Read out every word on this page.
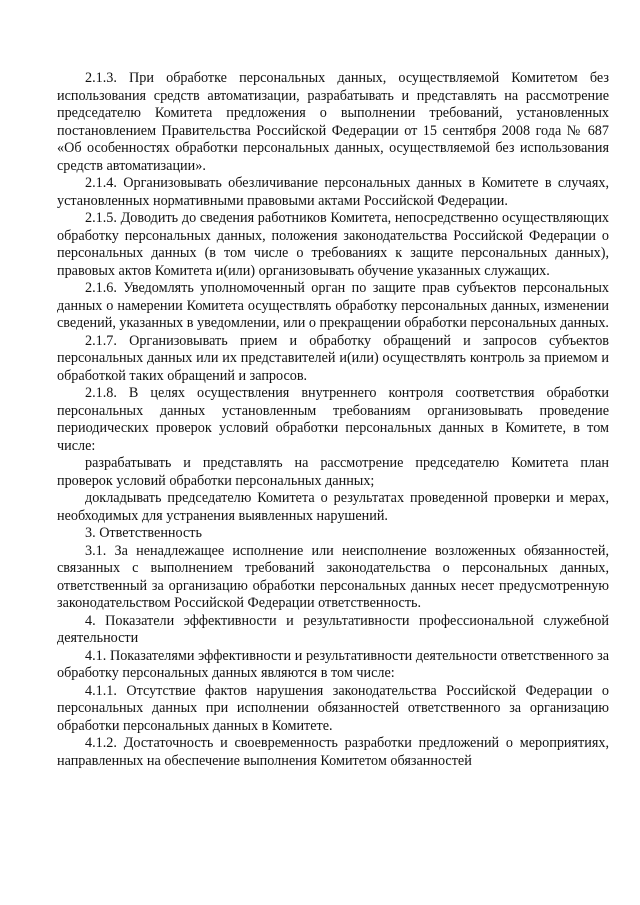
2.1.3. При обработке персональных данных, осуществляемой Комитетом без использования средств автоматизации, разрабатывать и представлять на рассмотрение председателю Комитета предложения о выполнении требований, установленных постановлением Правительства Российской Федерации от 15 сентября 2008 года № 687 «Об особенностях обработки персональных данных, осуществляемой без использования средств автоматизации».

2.1.4. Организовывать обезличивание персональных данных в Комитете в случаях, установленных нормативными правовыми актами Российской Федерации.

2.1.5. Доводить до сведения работников Комитета, непосредственно осуществляющих обработку персональных данных, положения законодательства Российской Федерации о персональных данных (в том числе о требованиях к защите персональных данных), правовых актов Комитета и(или) организовывать обучение указанных служащих.

2.1.6. Уведомлять уполномоченный орган по защите прав субъектов персональных данных о намерении Комитета осуществлять обработку персональных данных, изменении сведений, указанных в уведомлении, или о прекращении обработки персональных данных.

2.1.7. Организовывать прием и обработку обращений и запросов субъектов персональных данных или их представителей и(или) осуществлять контроль за приемом и обработкой таких обращений и запросов.

2.1.8. В целях осуществления внутреннего контроля соответствия обработки персональных данных установленным требованиям организовывать проведение периодических проверок условий обработки персональных данных в Комитете, в том числе:

разрабатывать и представлять на рассмотрение председателю Комитета план проверок условий обработки персональных данных;

докладывать председателю Комитета о результатах проведенной проверки и мерах, необходимых для устранения выявленных нарушений.

3. Ответственность

3.1. За ненадлежащее исполнение или неисполнение возложенных обязанностей, связанных с выполнением требований законодательства о персональных данных, ответственный за организацию обработки персональных данных несет предусмотренную законодательством Российской Федерации ответственность.

4. Показатели эффективности и результативности профессиональной служебной деятельности

4.1. Показателями эффективности и результативности деятельности ответственного за обработку персональных данных являются в том числе:

4.1.1. Отсутствие фактов нарушения законодательства Российской Федерации о персональных данных при исполнении обязанностей ответственного за организацию обработки персональных данных в Комитете.

4.1.2. Достаточность и своевременность разработки предложений о мероприятиях, направленных на обеспечение выполнения Комитетом обязанностей
